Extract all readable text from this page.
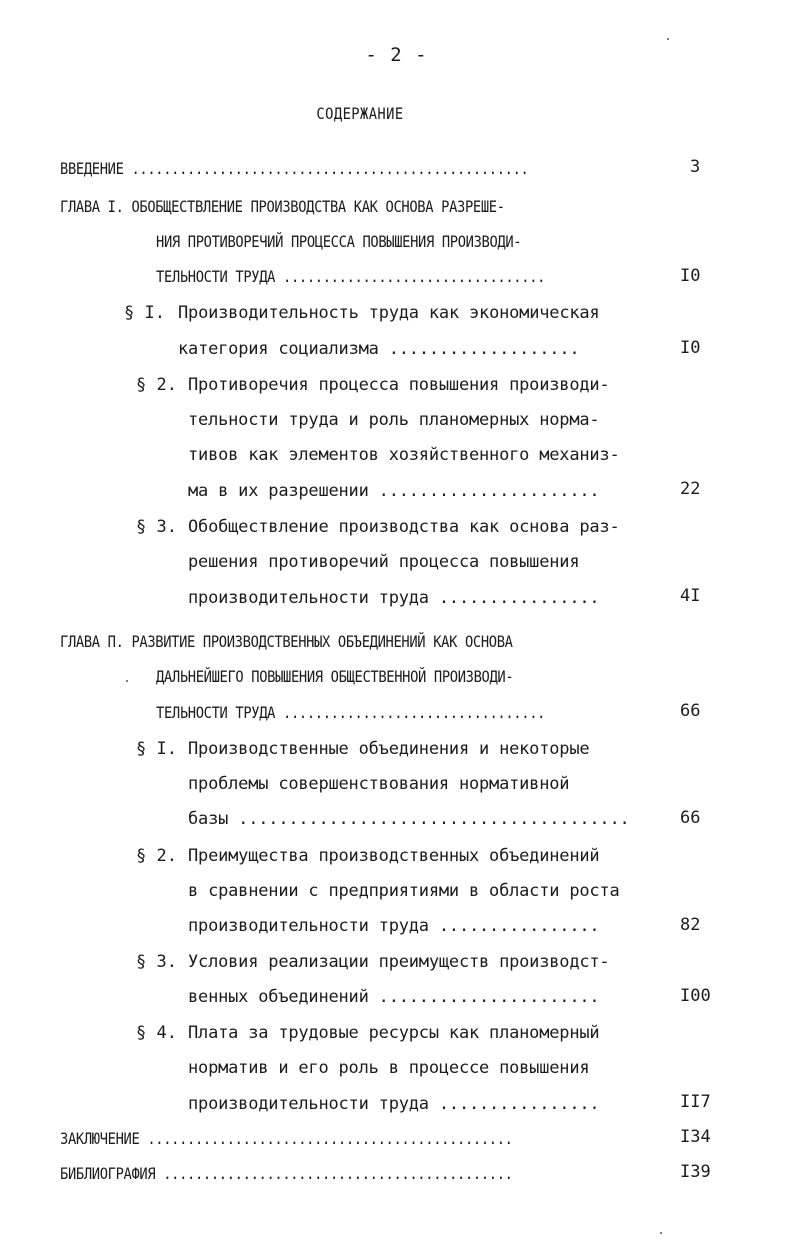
- 2 -
СОДЕРЖАНИЕ
ВВЕДЕНИЕ ..................................................	3
ГЛАВА I. ОБОБЩЕСТВЛЕНИЕ ПРОИЗВОДСТВА КАК ОСНОВА РАЗРЕШЕ-
НИЯ ПРОТИВОРЕЧИЙ ПРОЦЕССА ПОВЫШЕНИЯ ПРОИЗВОДИ-
ТЕЛЬНОСТИ ТРУДА .................................	I0
§ I. Производительность труда как экономическая
категория социализма ...................	I0
§ 2. Противоречия процесса повышения производи-
тельности труда и роль планомерных норма-
тивов как элементов хозяйственного механиз-
ма в их разрешении ......................	22
§ 3. Обобществление производства как основа раз-
решения противоречий процесса повышения
производительности труда ................	4I
ГЛАВА П. РАЗВИТИЕ ПРОИЗВОДСТВЕННЫХ ОБЪЕДИНЕНИЙ КАК ОСНОВА
ДАЛЬНЕЙШЕГО ПОВЫШЕНИЯ ОБЩЕСТВЕННОЙ ПРОИЗВОДИ-
ТЕЛЬНОСТИ ТРУДА .................................	66
§ I. Производственные объединения и некоторые
проблемы совершенствования нормативной
базы .......................................	66
§ 2. Преимущества производственных объединений
в сравнении с предприятиями в области роста
производительности труда ................	82
§ 3. Условия реализации преимуществ производст-
венных объединений ......................	I00
§ 4. Плата за трудовые ресурсы как планомерный
норматив и его роль в процессе повышения
производительности труда ................	II7
ЗАКЛЮЧЕНИЕ ..............................................	I34
БИБЛИОГРАФИЯ ............................................	I39
